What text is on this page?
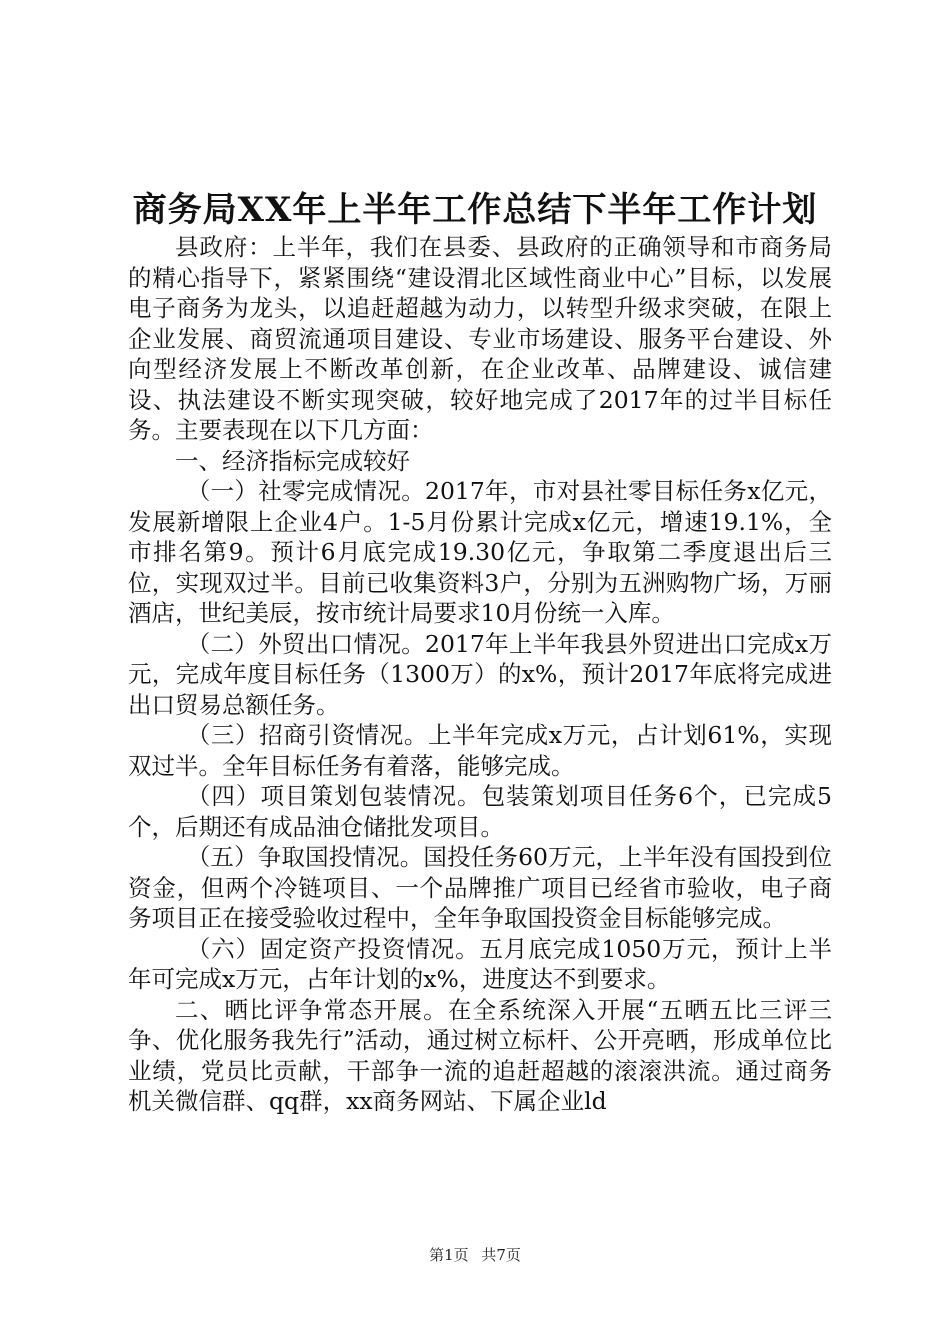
商务局XX年上半年工作总结下半年工作计划

县政府：上半年，我们在县委、县政府的正确领导和市商务局的精心指导下，紧紧围绕“建设渭北区域性商业中心”目标，以发展电子商务为龙头，以追赶超越为动力，以转型升级求突破，在限上企业发展、商贸流通项目建设、专业市场建设、服务平台建设、外向型经济发展上不断改革创新，在企业改革、品牌建设、诚信建设、执法建设不断实现突破，较好地完成了2017年的过半目标任务。主要表现在以下几方面：

一、经济指标完成较好

（一）社零完成情况。2017年，市对县社零目标任务x亿元，发展新增限上企业4户。1-5月份累计完成x亿元，增速19.1%，全市排名第9。预计6月底完成19.30亿元，争取第二季度退出后三位，实现双过半。目前已收集资料3户，分别为五洲购物广场，万丽酒店，世纪美辰，按市统计局要求10月份统一入库。

（二）外贸出口情况。2017年上半年我县外贸进出口完成x万元，完成年度目标任务（1300万）的x%，预计2017年底将完成进出口贸易总额任务。

（三）招商引资情况。上半年完成x万元，占计划61%，实现双过半。全年目标任务有着落，能够完成。

（四）项目策划包装情况。包装策划项目任务6个，已完成5个，后期还有成品油仓储批发项目。

（五）争取国投情况。国投任务60万元，上半年没有国投到位资金，但两个冷链项目、一个品牌推广项目已经省市验收，电子商务项目正在接受验收过程中，全年争取国投资金目标能够完成。

（六）固定资产投资情况。五月底完成1050万元，预计上半年可完成x万元，占年计划的x%，进度达不到要求。

二、晒比评争常态开展。在全系统深入开展“五晒五比三评三争、优化服务我先行”活动，通过树立标杆、公开亮晒，形成单位比业绩，党员比贡献，干部争一流的追赶超越的滚滚洪流。通过商务机关微信群、qq群，xx商务网站、下属企业ld

第1页 共7页
